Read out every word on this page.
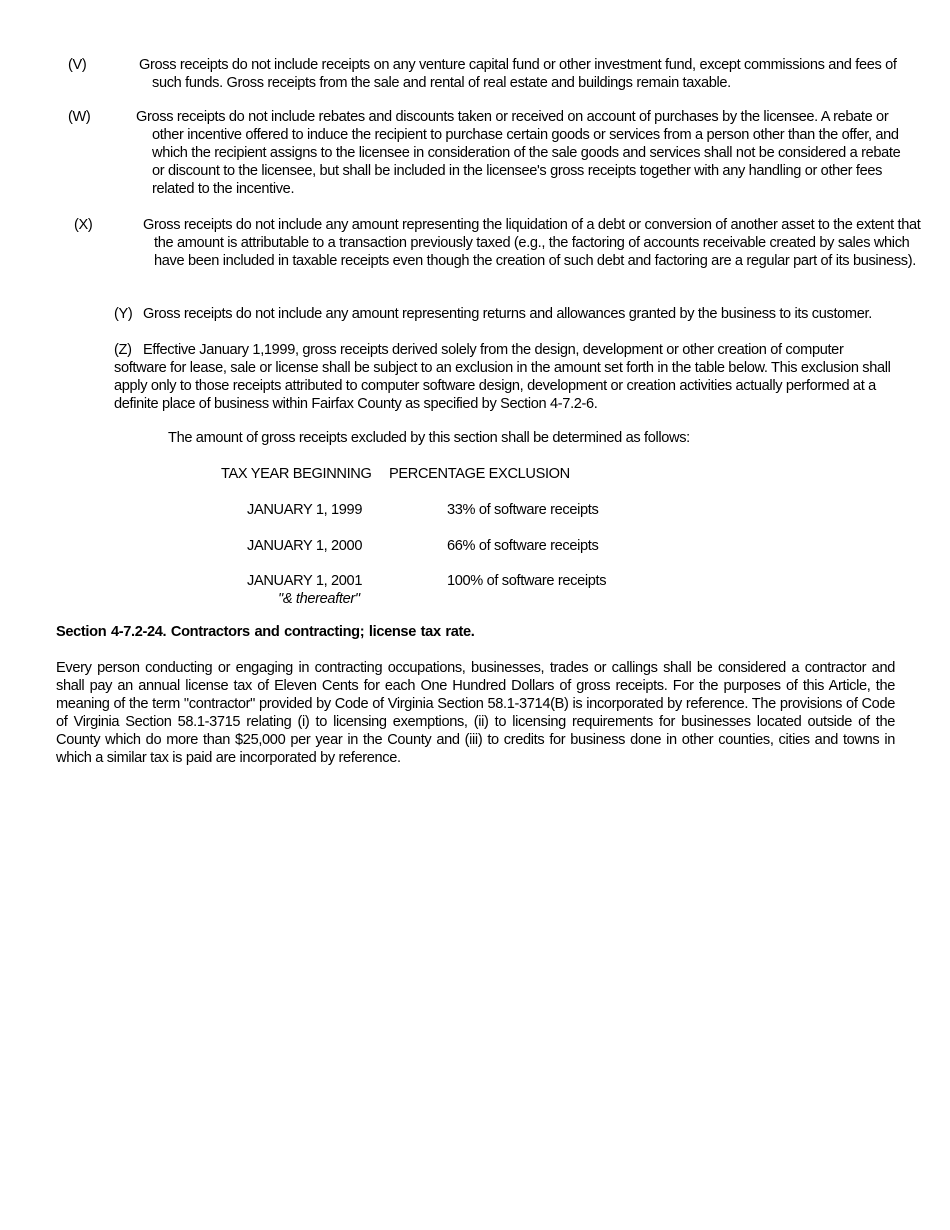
(V)	Gross receipts do not include receipts on any venture capital fund or other investment fund, except commissions and fees of such funds. Gross receipts from the sale and rental of real estate and buildings remain taxable.

(W)	Gross receipts do not include rebates and discounts taken or received on account of purchases by the licensee. A rebate or other incentive offered to induce the recipient to purchase certain goods or services from a person other than the offer, and which the recipient assigns to the licensee in consideration of the sale goods and services shall not be considered a rebate or discount to the licensee, but shall be included in the licensee's gross receipts together with any handling or other fees related to the incentive.

(X)	Gross receipts do not include any amount representing the liquidation of a debt or conversion of another asset to the extent that the amount is attributable to a transaction previously taxed (e.g., the factoring of accounts receivable created by sales which have been included in taxable receipts even though the creation of such debt and factoring are a regular part of its business).

(Y) Gross receipts do not include any amount representing returns and allowances granted by the business to its customer.

(Z) Effective January 1,1999, gross receipts derived solely from the design, development or other creation of computer software for lease, sale or license shall be subject to an exclusion in the amount set forth in the table below. This exclusion shall apply only to those receipts attributed to computer software design, development or creation activities actually performed at a definite place of business within Fairfax County as specified by Section 4-7.2-6.

The amount of gross receipts excluded by this section shall be determined as follows:

TAX YEAR BEGINNING PERCENTAGE EXCLUSION

JANUARY 1, 1999	33% of software receipts

JANUARY 1, 2000	66% of software receipts

JANUARY 1, 2001	100% of software receipts

"& thereafter"

Section 4-7.2-24. Contractors and contracting; license tax rate.

Every person conducting or engaging in contracting occupations, businesses, trades or callings shall be considered a contractor and shall pay an annual license tax of Eleven Cents for each One Hundred Dollars of gross receipts. For the purposes of this Article, the meaning of the term "contractor" provided by Code of Virginia Section 58.1-3714(B) is incorporated by reference. The provisions of Code of Virginia Section 58.1-3715 relating (i) to licensing exemptions, (ii) to licensing requirements for businesses located outside of the County which do more than $25,000 per year in the County and (iii) to credits for business done in other counties, cities and towns in which a similar tax is paid are incorporated by reference.
